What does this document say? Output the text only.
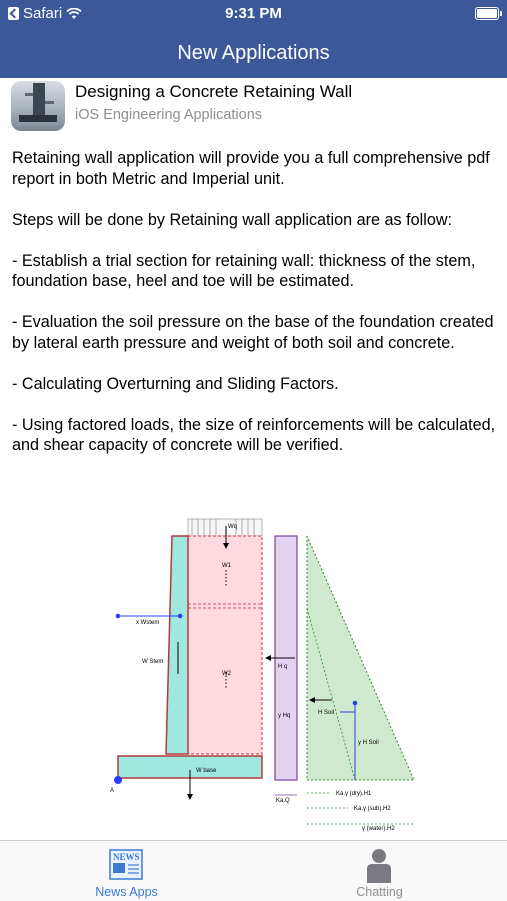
Safari	9:31 PM
New Applications
Designing a Concrete Retaining Wall
iOS Engineering Applications

Retaining wall application will provide you a full comprehensive pdf report in both Metric and Imperial unit.

Steps will be done by Retaining wall application are as follow:

- Establish a trial section for retaining wall: thickness of the stem, foundation base, heel and toe will be estimated.

- Evaluation the soil pressure on the base of the foundation created by lateral earth pressure and weight of both soil and concrete.

- Calculating Overturning and Sliding Factors.

- Using factored loads, the size of reinforcements will be calculated, and shear capacity of concrete will be verified.

Wq
W1
W2
x Wstem
W Stem
W base
A
H q
y Hq	H Soil
y H Soil
Ka.Q
Ka.γ (dry).H1
Ka.γ (sub).H2
γ (water).H2
NEWS
News Apps	Chatting
